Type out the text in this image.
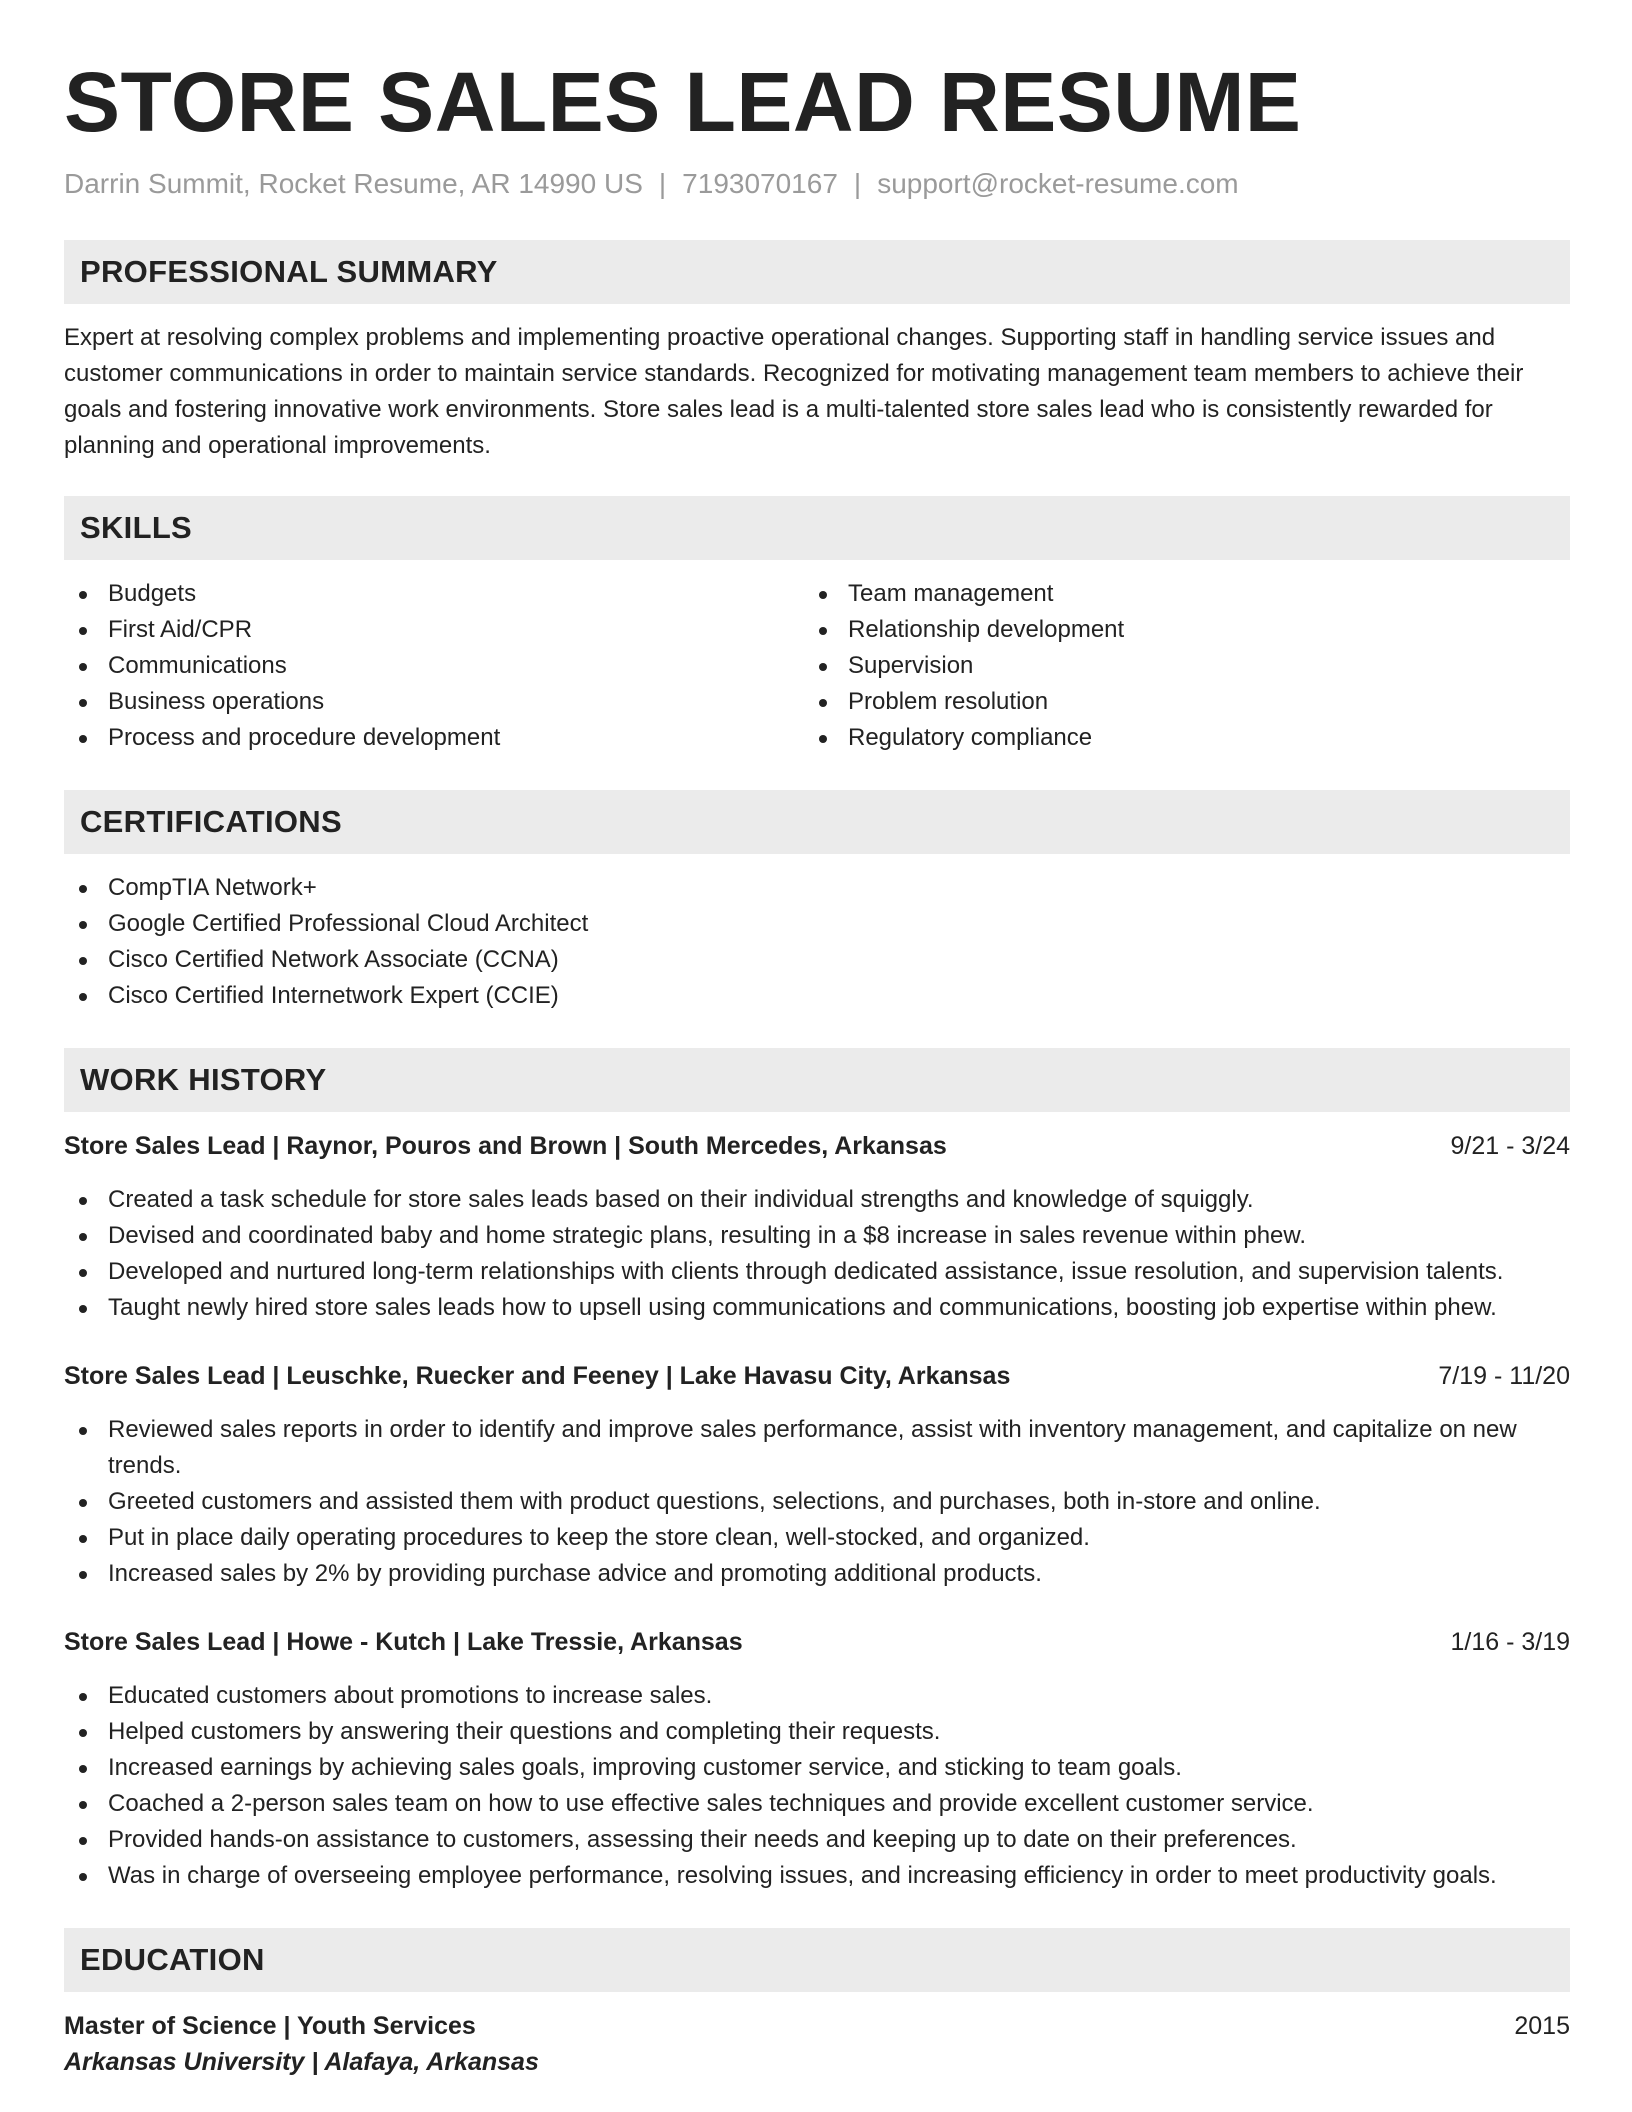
STORE SALES LEAD RESUME
Darrin Summit, Rocket Resume, AR 14990 US | 7193070167 | support@rocket-resume.com
PROFESSIONAL SUMMARY
Expert at resolving complex problems and implementing proactive operational changes. Supporting staff in handling service issues and customer communications in order to maintain service standards. Recognized for motivating management team members to achieve their goals and fostering innovative work environments. Store sales lead is a multi-talented store sales lead who is consistently rewarded for planning and operational improvements.
SKILLS
Budgets
First Aid/CPR
Communications
Business operations
Process and procedure development
Team management
Relationship development
Supervision
Problem resolution
Regulatory compliance
CERTIFICATIONS
CompTIA Network+
Google Certified Professional Cloud Architect
Cisco Certified Network Associate (CCNA)
Cisco Certified Internetwork Expert (CCIE)
WORK HISTORY
Store Sales Lead | Raynor, Pouros and Brown | South Mercedes, Arkansas	9/21 - 3/24
Created a task schedule for store sales leads based on their individual strengths and knowledge of squiggly.
Devised and coordinated baby and home strategic plans, resulting in a $8 increase in sales revenue within phew.
Developed and nurtured long-term relationships with clients through dedicated assistance, issue resolution, and supervision talents.
Taught newly hired store sales leads how to upsell using communications and communications, boosting job expertise within phew.
Store Sales Lead | Leuschke, Ruecker and Feeney | Lake Havasu City, Arkansas	7/19 - 11/20
Reviewed sales reports in order to identify and improve sales performance, assist with inventory management, and capitalize on new trends.
Greeted customers and assisted them with product questions, selections, and purchases, both in-store and online.
Put in place daily operating procedures to keep the store clean, well-stocked, and organized.
Increased sales by 2% by providing purchase advice and promoting additional products.
Store Sales Lead | Howe - Kutch | Lake Tressie, Arkansas	1/16 - 3/19
Educated customers about promotions to increase sales.
Helped customers by answering their questions and completing their requests.
Increased earnings by achieving sales goals, improving customer service, and sticking to team goals.
Coached a 2-person sales team on how to use effective sales techniques and provide excellent customer service.
Provided hands-on assistance to customers, assessing their needs and keeping up to date on their preferences.
Was in charge of overseeing employee performance, resolving issues, and increasing efficiency in order to meet productivity goals.
EDUCATION
Master of Science | Youth Services	2015
Arkansas University | Alafaya, Arkansas
